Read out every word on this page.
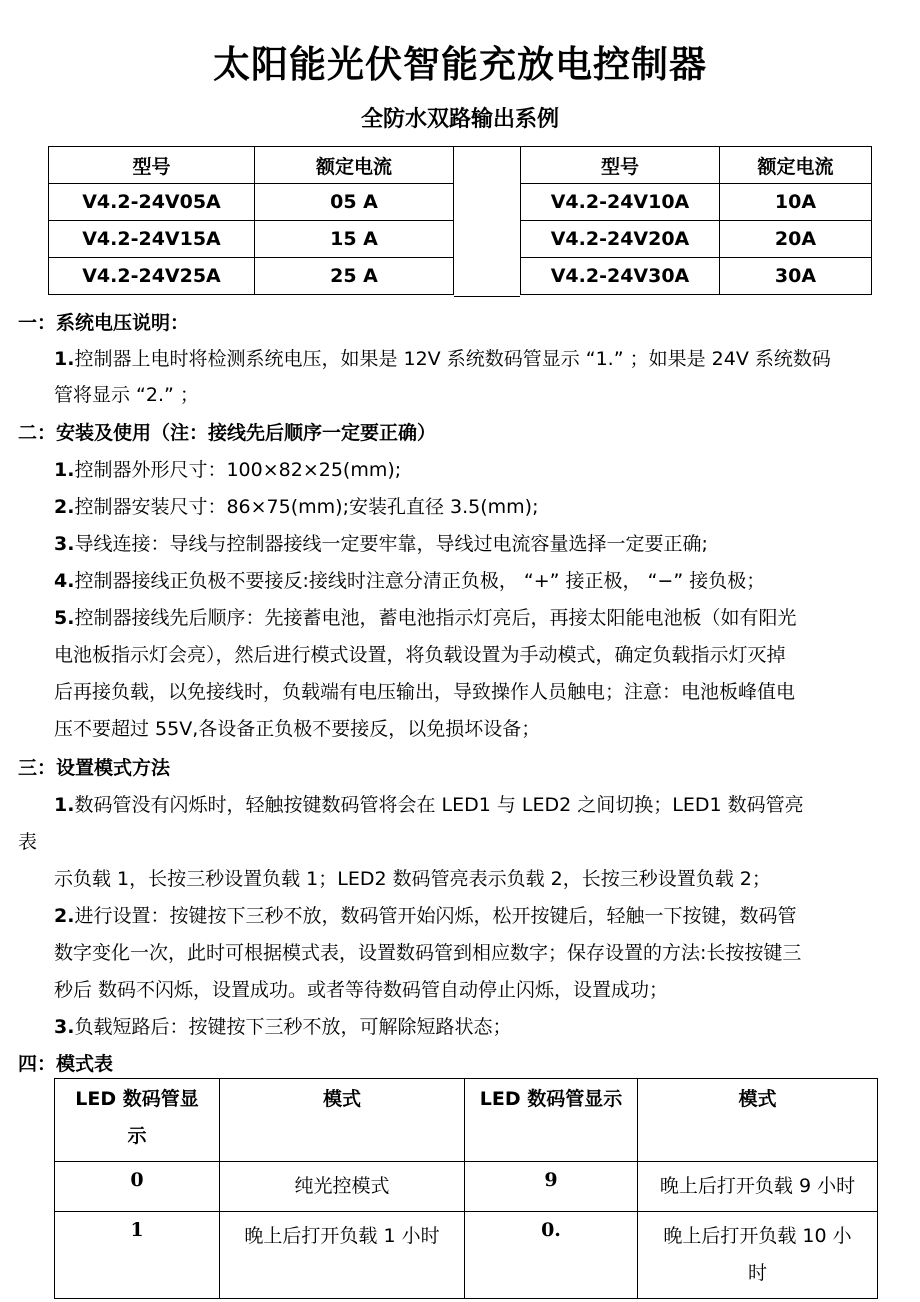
太阳能光伏智能充放电控制器
全防水双路输出系例
型号	额定电流
V4.2-24V05A	05 A
V4.2-24V15A	15 A
V4.2-24V25A	25 A
型号	额定电流
V4.2-24V10A	10A
V4.2-24V20A	20A
V4.2-24V30A	30A
一：系统电压说明：
1.控制器上电时将检测系统电压，如果是 12V 系统数码管显示 “1.” ；如果是 24V 系统数码
管将显示 “2.” ；
二：安装及使用（注：接线先后顺序一定要正确）
1.控制器外形尺寸：100×82×25(mm);
2.控制器安装尺寸：86×75(mm);安装孔直径 3.5(mm);
3.导线连接：导线与控制器接线一定要牢靠，导线过电流容量选择一定要正确;
4.控制器接线正负极不要接反:接线时注意分清正负极， “+” 接正极， “−” 接负极；
5.控制器接线先后顺序：先接蓄电池，蓄电池指示灯亮后，再接太阳能电池板（如有阳光
电池板指示灯会亮），然后进行模式设置，将负载设置为手动模式，确定负载指示灯灭掉
后再接负载，以免接线时，负载端有电压输出，导致操作人员触电；注意：电池板峰值电
压不要超过 55V,各设备正负极不要接反，以免损坏设备；
三：设置模式方法
1.数码管没有闪烁时，轻触按键数码管将会在 LED1 与 LED2 之间切换；LED1 数码管亮
表
示负载 1，长按三秒设置负载 1；LED2 数码管亮表示负载 2，长按三秒设置负载 2；
2.进行设置：按键按下三秒不放，数码管开始闪烁，松开按键后，轻触一下按键，数码管
数字变化一次，此时可根据模式表，设置数码管到相应数字；保存设置的方法:长按按键三
秒后 数码不闪烁，设置成功。或者等待数码管自动停止闪烁，设置成功；
3.负载短路后：按键按下三秒不放，可解除短路状态；
四：模式表
LED 数码管显
示	模式	LED 数码管显示	模式
0	纯光控模式	9	晚上后打开负载 9 小时
1	晚上后打开负载 1 小时	0.	晚上后打开负载 10 小
时
